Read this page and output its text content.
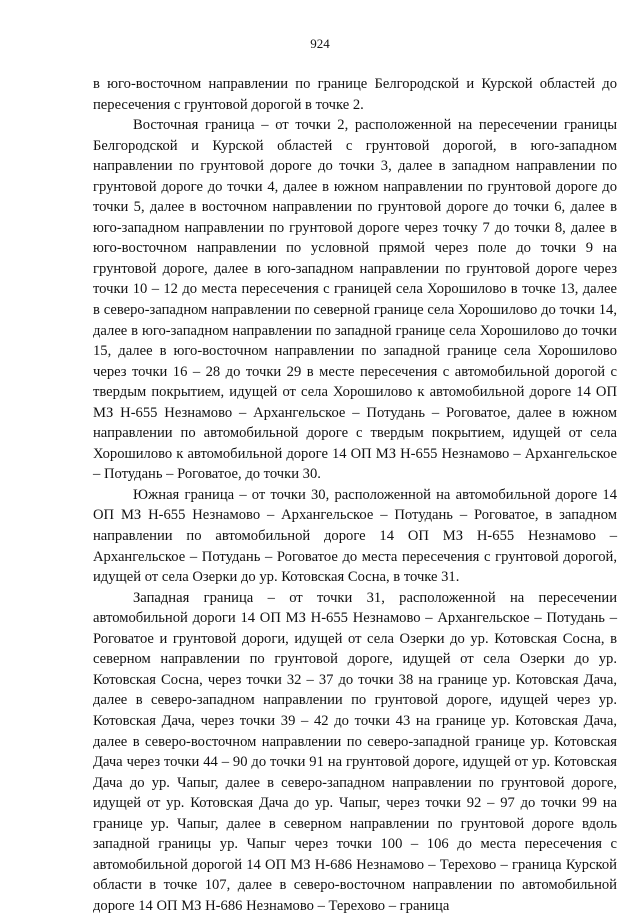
924

в юго-восточном направлении по границе Белгородской и Курской областей до пересечения с грунтовой дорогой в точке 2.

Восточная граница – от точки 2, расположенной на пересечении границы Белгородской и Курской областей с грунтовой дорогой, в юго-западном направлении по грунтовой дороге до точки 3, далее в западном направлении по грунтовой дороге до точки 4, далее в южном направлении по грунтовой дороге до точки 5, далее в восточном направлении по грунтовой дороге до точки 6, далее в юго-западном направлении по грунтовой дороге через точку 7 до точки 8, далее в юго-восточном направлении по условной прямой через поле до точки 9 на грунтовой дороге, далее в юго-западном направлении по грунтовой дороге через точки 10 – 12 до места пересечения с границей села Хорошилово в точке 13, далее в северо-западном направлении по северной границе села Хорошилово до точки 14, далее в юго-западном направлении по западной границе села Хорошилово до точки 15, далее в юго-восточном направлении по западной границе села Хорошилово через точки 16 – 28 до точки 29 в месте пересечения с автомобильной дорогой с твердым покрытием, идущей от села Хорошилово к автомобильной дороге 14 ОП МЗ Н-655 Незнамово – Архангельское – Потудань – Роговатое, далее в южном направлении по автомобильной дороге с твердым покрытием, идущей от села Хорошилово к автомобильной дороге 14 ОП МЗ Н-655 Незнамово – Архангельское – Потудань – Роговатое, до точки 30.

Южная граница – от точки 30, расположенной на автомобильной дороге 14 ОП МЗ Н-655 Незнамово – Архангельское – Потудань – Роговатое, в западном направлении по автомобильной дороге 14 ОП МЗ Н-655 Незнамово – Архангельское – Потудань – Роговатое до места пересечения с грунтовой дорогой, идущей от села Озерки до ур. Котовская Сосна, в точке 31.

Западная граница – от точки 31, расположенной на пересечении автомобильной дороги 14 ОП МЗ Н-655 Незнамово – Архангельское – Потудань – Роговатое и грунтовой дороги, идущей от села Озерки до ур. Котовская Сосна, в северном направлении по грунтовой дороге, идущей от села Озерки до ур. Котовская Сосна, через точки 32 – 37 до точки 38 на границе ур. Котовская Дача, далее в северо-западном направлении по грунтовой дороге, идущей через ур. Котовская Дача, через точки 39 – 42 до точки 43 на границе ур. Котовская Дача, далее в северо-восточном направлении по северо-западной границе ур. Котовская Дача через точки 44 – 90 до точки 91 на грунтовой дороге, идущей от ур. Котовская Дача до ур. Чапыг, далее в северо-западном направлении по грунтовой дороге, идущей от ур. Котовская Дача до ур. Чапыг, через точки 92 – 97 до точки 99 на границе ур. Чапыг, далее в северном направлении по грунтовой дороге вдоль западной границы ур. Чапыг через точки 100 – 106 до места пересечения с автомобильной дорогой 14 ОП МЗ Н-686 Незнамово – Терехово – граница Курской области в точке 107, далее в северо-восточном направлении по автомобильной дороге 14 ОП МЗ Н-686 Незнамово – Терехово – граница
